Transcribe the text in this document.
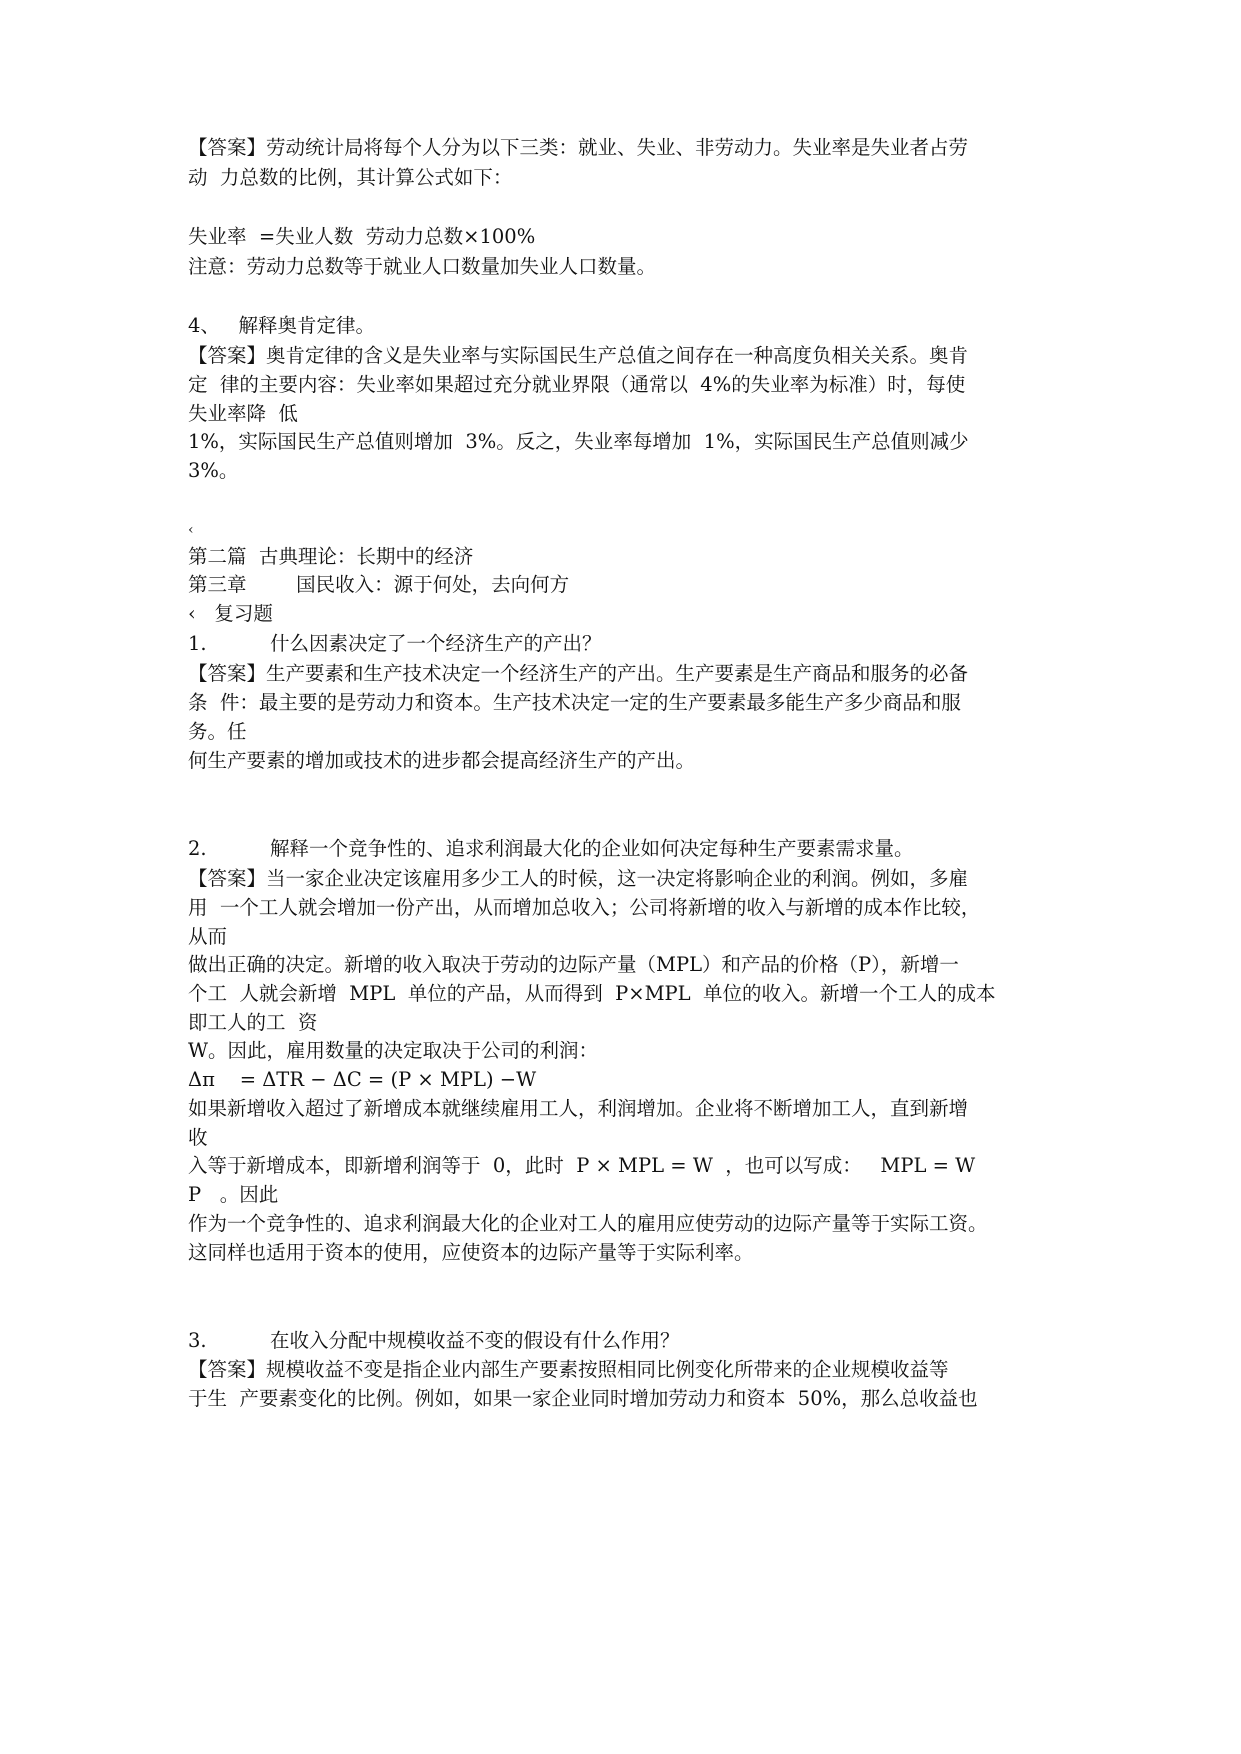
【答案】劳动统计局将每个人分为以下三类：就业、失业、非劳动力。失业率是失业者占劳
动  力总数的比例，其计算公式如下：
失业率  =失业人数  劳动力总数×100%
注意：劳动力总数等于就业人口数量加失业人口数量。
4、   解释奥肯定律。
【答案】奥肯定律的含义是失业率与实际国民生产总值之间存在一种高度负相关关系。奥肯
定  律的主要内容：失业率如果超过充分就业界限（通常以  4%的失业率为标准）时，每使
失业率降  低
1%，实际国民生产总值则增加  3%。反之，失业率每增加  1%，实际国民生产总值则减少
3%。
‹
第二篇  古典理论：长期中的经济
第三章        国民收入：源于何处，去向何方
‹   复习题
1.	什么因素决定了一个经济生产的产出？
【答案】生产要素和生产技术决定一个经济生产的产出。生产要素是生产商品和服务的必备
条  件：最主要的是劳动力和资本。生产技术决定一定的生产要素最多能生产多少商品和服
务。任
何生产要素的增加或技术的进步都会提高经济生产的产出。
2.	解释一个竞争性的、追求利润最大化的企业如何决定每种生产要素需求量。
【答案】当一家企业决定该雇用多少工人的时候，这一决定将影响企业的利润。例如，多雇
用  一个工人就会增加一份产出，从而增加总收入；公司将新增的收入与新增的成本作比较，
从而
做出正确的决定。新增的收入取决于劳动的边际产量（MPL）和产品的价格（P），新增一
个工  人就会新增  MPL  单位的产品，从而得到  P×MPL  单位的收入。新增一个工人的成本
即工人的工  资
W。因此，雇用数量的决定取决于公司的利润：
Δπ    = ΔTR − ΔC = (P × MPL) −W
如果新增收入超过了新增成本就继续雇用工人，利润增加。企业将不断增加工人，直到新增
收
入等于新增成本，即新增利润等于  0，此时  P × MPL = W  ，也可以写成：   MPL = W
P   。因此
作为一个竞争性的、追求利润最大化的企业对工人的雇用应使劳动的边际产量等于实际工资。
这同样也适用于资本的使用，应使资本的边际产量等于实际利率。
3.	在收入分配中规模收益不变的假设有什么作用？
【答案】规模收益不变是指企业内部生产要素按照相同比例变化所带来的企业规模收益等
于生  产要素变化的比例。例如，如果一家企业同时增加劳动力和资本  50%，那么总收益也
